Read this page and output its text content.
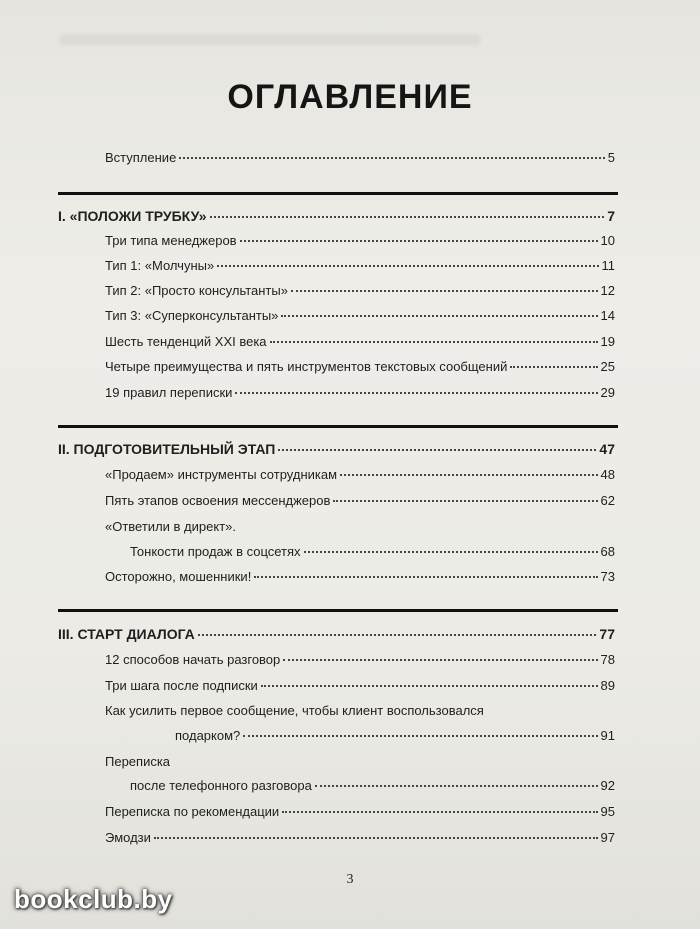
ОГЛАВЛЕНИЕ
Вступление	5
I. «ПОЛОЖИ ТРУБКУ»	7
Три типа менеджеров	10
Тип 1: «Молчуны»	11
Тип 2: «Просто консультанты»	12
Тип 3: «Суперконсультанты»	14
Шесть тенденций XXI века	19
Четыре преимущества и пять инструментов текстовых сообщений	25
19 правил переписки	29
II. ПОДГОТОВИТЕЛЬНЫЙ ЭТАП	47
«Продаем» инструменты сотрудникам	48
Пять этапов освоения мессенджеров	62
«Ответили в директ».
Тонкости продаж в соцсетях	68
Осторожно, мошенники!	73
III. СТАРТ ДИАЛОГА	77
12 способов начать разговор	78
Три шага после подписки	89
Как усилить первое сообщение, чтобы клиент воспользовался
подарком?	91
Переписка
после телефонного разговора	92
Переписка по рекомендации	95
Эмодзи	97
3
bookclub.by
